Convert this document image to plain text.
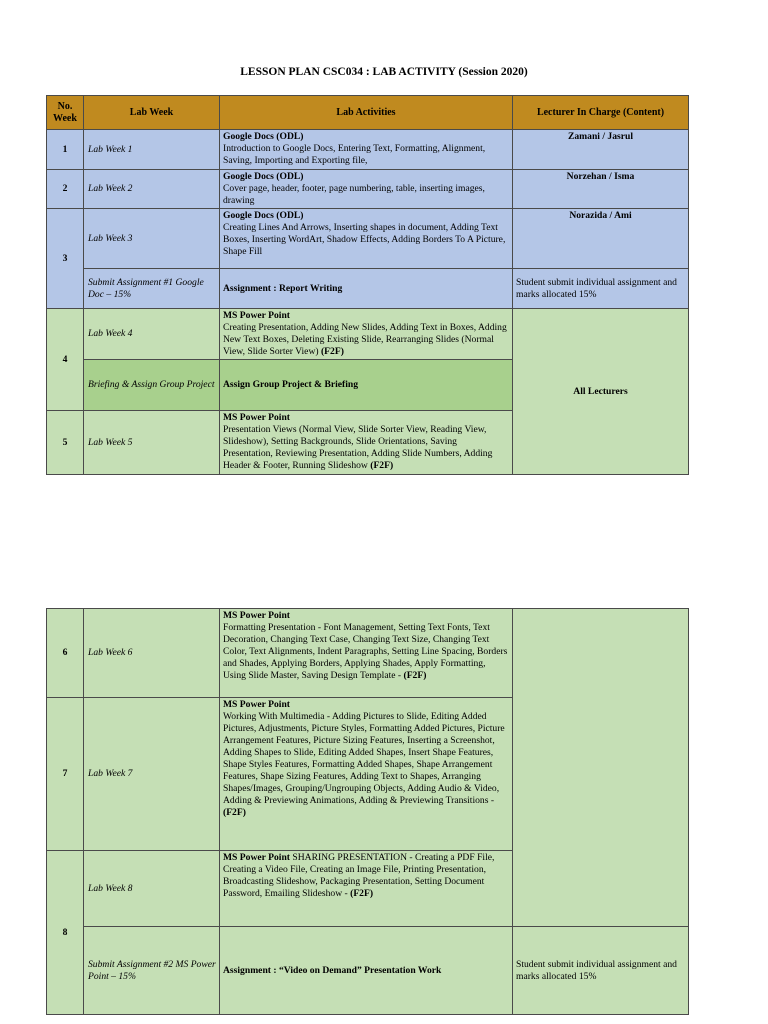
LESSON PLAN CSC034 : LAB ACTIVITY (Session 2020)
No. Week	Lab Week	Lab Activities	Lecturer In Charge (Content)
1	Lab Week 1	Google Docs (ODL)
Introduction to Google Docs, Entering Text, Formatting, Alignment, Saving, Importing and Exporting file,	Zamani / Jasrul
2	Lab Week 2	Google Docs (ODL)
Cover page, header, footer, page numbering, table, inserting images, drawing	Norzehan / Isma
3	Lab Week 3	Google Docs (ODL)
Creating Lines And Arrows, Inserting shapes in document, Adding Text Boxes, Inserting WordArt, Shadow Effects, Adding Borders To A Picture, Shape Fill	Norazida / Ami
	Submit Assignment #1 Google Doc – 15%	Assignment : Report Writing	Student submit individual assignment and marks allocated 15%
4	Lab Week 4	MS Power Point
Creating Presentation, Adding New Slides, Adding Text in Boxes, Adding New Text Boxes, Deleting Existing Slide, Rearranging Slides (Normal View, Slide Sorter View) (F2F)	All Lecturers
	Briefing & Assign Group Project	Assign Group Project & Briefing	
5	Lab Week 5	MS Power Point
Presentation Views (Normal View, Slide Sorter View, Reading View, Slideshow), Setting Backgrounds, Slide Orientations, Saving Presentation, Reviewing Presentation, Adding Slide Numbers, Adding Header & Footer, Running Slideshow (F2F)	
6	Lab Week 6	MS Power Point
Formatting Presentation - Font Management, Setting Text Fonts, Text Decoration, Changing Text Case, Changing Text Size, Changing Text Color, Text Alignments, Indent Paragraphs, Setting Line Spacing, Borders and Shades, Applying Borders, Applying Shades, Apply Formatting, Using Slide Master, Saving Design Template - (F2F)	
7	Lab Week 7	MS Power Point
Working With Multimedia - Adding Pictures to Slide, Editing Added Pictures, Adjustments, Picture Styles, Formatting Added Pictures, Picture Arrangement Features, Picture Sizing Features, Inserting a Screenshot, Adding Shapes to Slide, Editing Added Shapes, Insert Shape Features, Shape Styles Features, Formatting Added Shapes, Shape Arrangement Features, Shape Sizing Features, Adding Text to Shapes, Arranging Shapes/Images, Grouping/Ungrouping Objects, Adding Audio & Video, Adding & Previewing Animations, Adding & Previewing Transitions - (F2F)	
8	Lab Week 8	MS Power Point SHARING PRESENTATION - Creating a PDF File, Creating a Video File, Creating an Image File, Printing Presentation, Broadcasting Slideshow, Packaging Presentation, Setting Document Password, Emailing Slideshow - (F2F)	
	Submit Assignment #2 MS Power Point – 15%	Assignment : “Video on Demand” Presentation Work	Student submit individual assignment and marks allocated 15%
